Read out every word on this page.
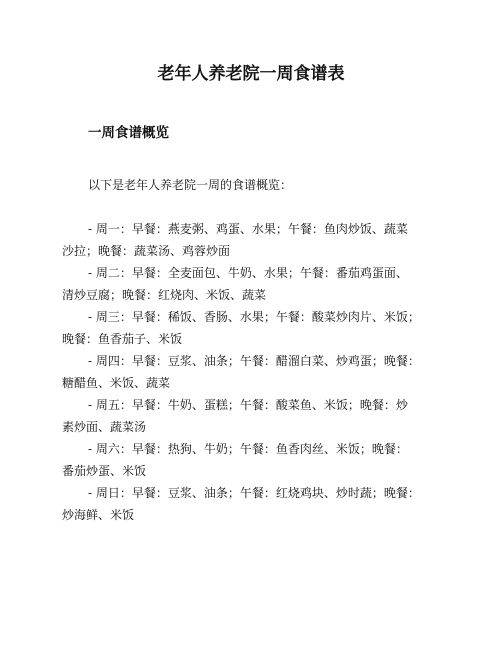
老年人养老院一周食谱表
一周食谱概览

以下是老年人养老院一周的食谱概览：

- 周一：早餐：燕麦粥、鸡蛋、水果；午餐：鱼肉炒饭、蔬菜
沙拉；晚餐：蔬菜汤、鸡蓉炒面
- 周二：早餐：全麦面包、牛奶、水果；午餐：番茄鸡蛋面、
清炒豆腐；晚餐：红烧肉、米饭、蔬菜
- 周三：早餐：稀饭、香肠、水果；午餐：酸菜炒肉片、米饭；
晚餐：鱼香茄子、米饭
- 周四：早餐：豆浆、油条；午餐：醋溜白菜、炒鸡蛋；晚餐：
糖醋鱼、米饭、蔬菜
- 周五：早餐：牛奶、蛋糕；午餐：酸菜鱼、米饭；晚餐：炒
素炒面、蔬菜汤
- 周六：早餐：热狗、牛奶；午餐：鱼香肉丝、米饭；晚餐：
番茄炒蛋、米饭
- 周日：早餐：豆浆、油条；午餐：红烧鸡块、炒时蔬；晚餐：
炒海鲜、米饭
